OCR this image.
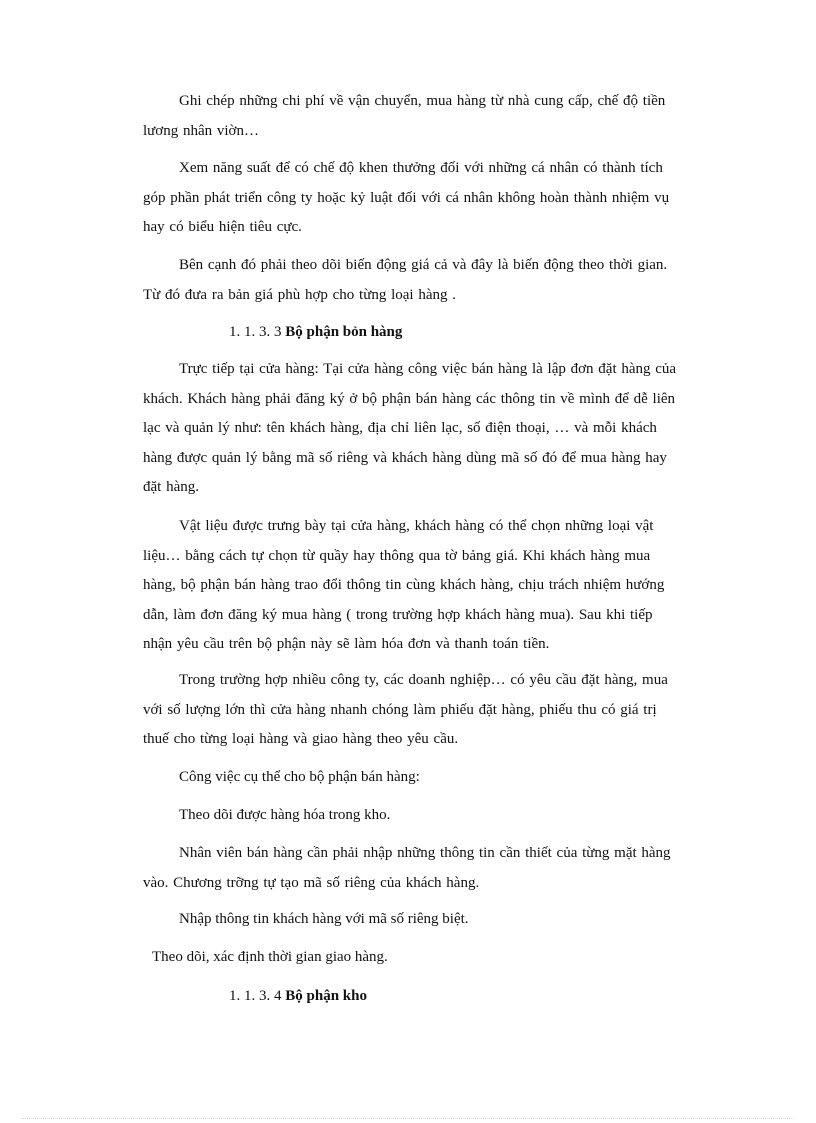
Ghi chép những chi phí về vận chuyển, mua hàng từ nhà cung cấp, chế độ tiền
lương nhân viờn…

Xem năng suất để có chế độ khen thưởng đối với những cá nhân có thành tích
góp phần phát triển công ty hoặc kỷ luật đối với cá nhân không hoàn thành nhiệm vụ
hay có biểu hiện tiêu cực.

Bên cạnh đó phải theo dõi biến động giá cả và đây là biến động theo thời gian.
Từ đó đưa ra bản giá phù hợp cho từng loại hàng .

1. 1. 3. 3 Bộ phận bỏn hàng

Trực tiếp tại cửa hàng: Tại cửa hàng công việc bán hàng là lập đơn đặt hàng của
khách. Khách hàng phải đăng ký ở bộ phận bán hàng các thông tin về mình để dễ liên
lạc và quản lý như: tên khách hàng, địa chỉ liên lạc, số điện thoại, … và mỗi khách
hàng được quản lý bằng mã số riêng và khách hàng dùng mã số đó để mua hàng hay
đặt hàng.

Vật liệu được trưng bày tại cửa hàng, khách hàng có thể chọn những loại vật
liệu… bằng cách tự chọn từ quầy hay thông qua tờ bảng giá. Khi khách hàng mua
hàng, bộ phận bán hàng trao đổi thông tin cùng khách hàng, chịu trách nhiệm hướng
dẫn, làm đơn đăng ký mua hàng ( trong trường hợp khách hàng mua). Sau khi tiếp
nhận yêu cầu trên bộ phận này sẽ làm hóa đơn và thanh toán tiền.

Trong trường hợp nhiều công ty, các doanh nghiệp… có yêu cầu đặt hàng, mua
với số lượng lớn thì cửa hàng nhanh chóng làm phiếu đặt hàng, phiếu thu có giá trị
thuế cho từng loại hàng và giao hàng theo yêu cầu.

Công việc cụ thể cho bộ phận bán hàng:
Theo dõi được hàng hóa trong kho.

Nhân viên bán hàng cần phải nhập những thông tin cần thiết của từng mặt hàng
vào. Chương trỡng tự tạo mã số riêng của khách hàng.

Nhập thông tin khách hàng với mã số riêng biệt.
Theo dõi, xác định thời gian giao hàng.
1. 1. 3. 4 Bộ phận kho
